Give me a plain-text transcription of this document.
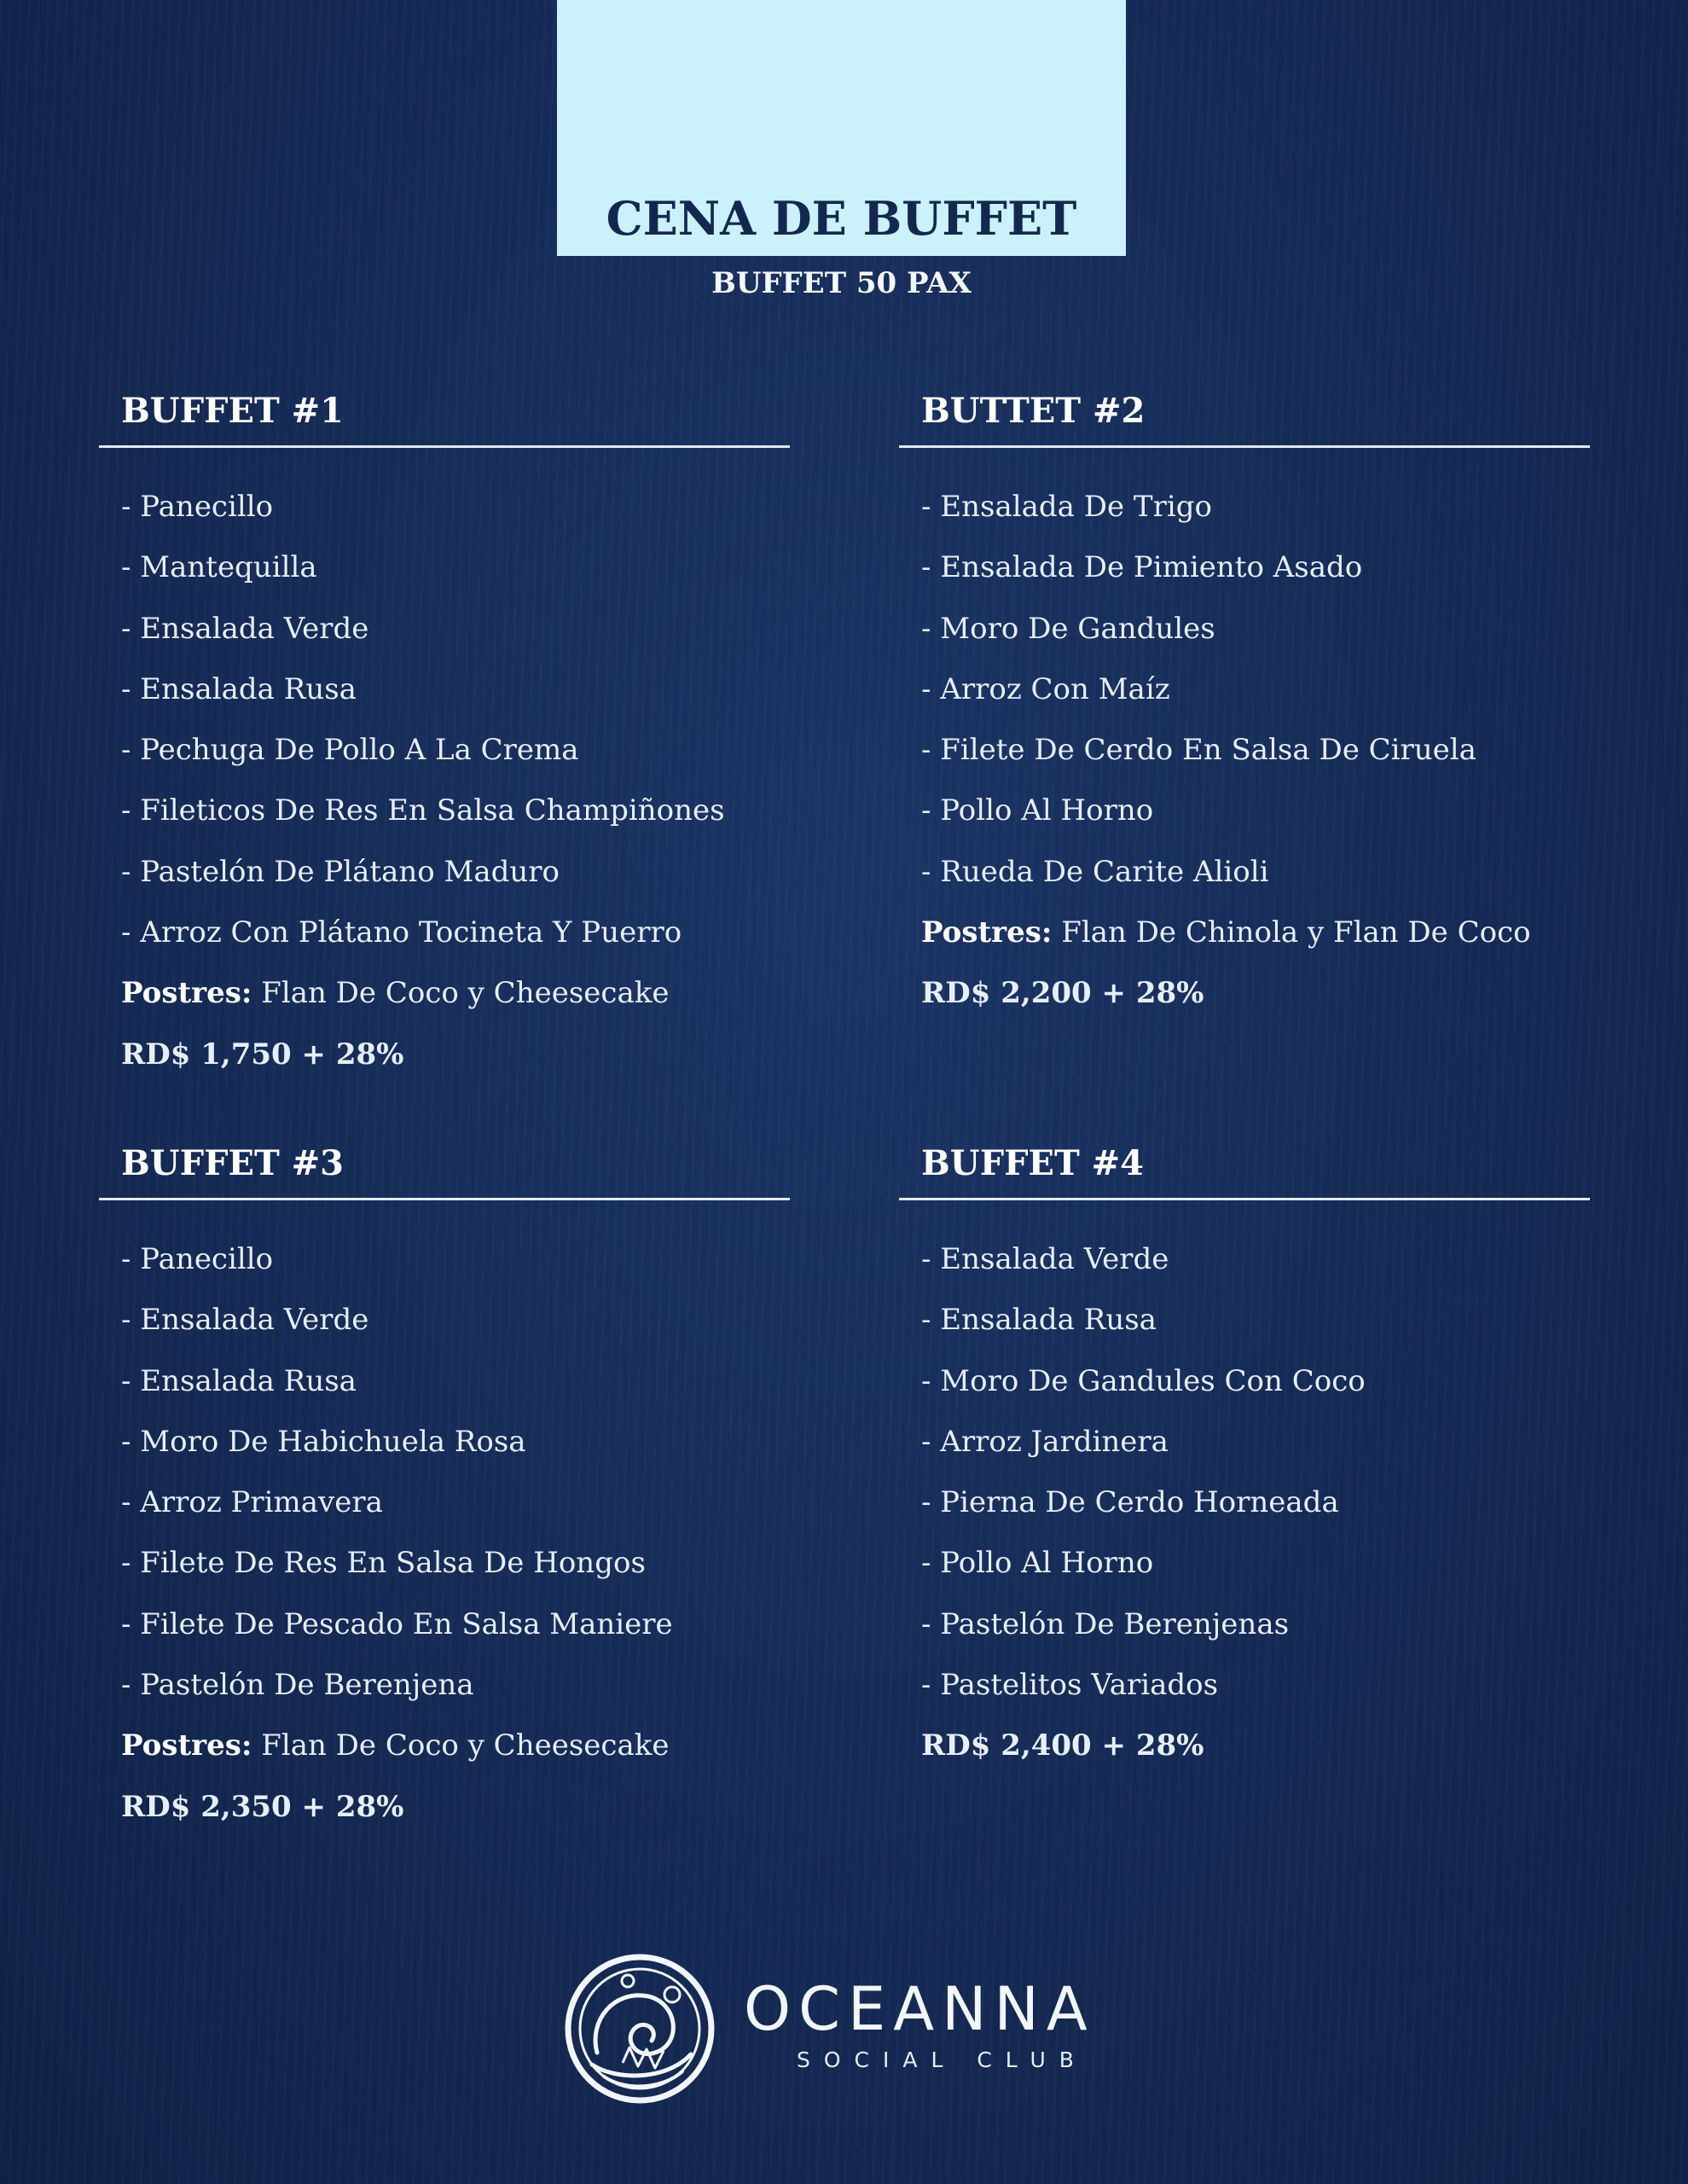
CENA DE BUFFET

BUFFET 50 PAX

BUFFET #1
- Panecillo
- Mantequilla
- Ensalada Verde
- Ensalada Rusa
- Pechuga De Pollo A La Crema
- Fileticos De Res En Salsa Champiñones
- Pastelón De Plátano Maduro
- Arroz Con Plátano Tocineta Y Puerro
Postres: Flan De Coco y Cheesecake
RD$ 1,750 + 28%
BUTTET #2
- Ensalada De Trigo
- Ensalada De Pimiento Asado
- Moro De Gandules
- Arroz Con Maíz
- Filete De Cerdo En Salsa De Ciruela
- Pollo Al Horno
- Rueda De Carite Alioli
Postres: Flan De Chinola y Flan De Coco
RD$ 2,200 + 28%
BUFFET #3
- Panecillo
- Ensalada Verde
- Ensalada Rusa
- Moro De Habichuela Rosa
- Arroz Primavera
- Filete De Res En Salsa De Hongos
- Filete De Pescado En Salsa Maniere
- Pastelón De Berenjena
Postres: Flan De Coco y Cheesecake
RD$ 2,350 + 28%
BUFFET #4
- Ensalada Verde
- Ensalada Rusa
- Moro De Gandules Con Coco
- Arroz Jardinera
- Pierna De Cerdo Horneada
- Pollo Al Horno
- Pastelón De Berenjenas
- Pastelitos Variados
RD$ 2,400 + 28%
OCEANNA

SOCIAL CLUB
